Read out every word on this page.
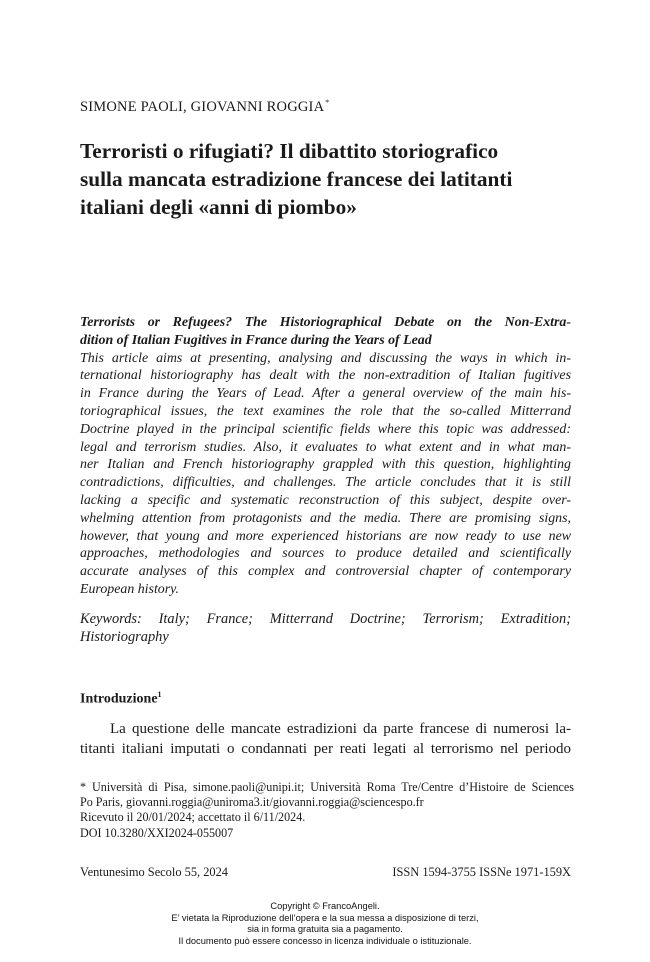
SIMONE PAOLI, GIOVANNI ROGGIA*
Terroristi o rifugiati? Il dibattito storiografico
sulla mancata estradizione francese dei latitanti
italiani degli «anni di piombo»
Terrorists or Refugees? The Historiographical Debate on the Non-Extra-
dition of Italian Fugitives in France during the Years of Lead
This article aims at presenting, analysing and discussing the ways in which in-
ternational historiography has dealt with the non-extradition of Italian fugitives
in France during the Years of Lead. After a general overview of the main his-
toriographical issues, the text examines the role that the so-called Mitterrand
Doctrine played in the principal scientific fields where this topic was addressed:
legal and terrorism studies. Also, it evaluates to what extent and in what man-
ner Italian and French historiography grappled with this question, highlighting
contradictions, difficulties, and challenges. The article concludes that it is still
lacking a specific and systematic reconstruction of this subject, despite over-
whelming attention from protagonists and the media. There are promising signs,
however, that young and more experienced historians are now ready to use new
approaches, methodologies and sources to produce detailed and scientifically
accurate analyses of this complex and controversial chapter of contemporary
European history.
Keywords: Italy; France; Mitterrand Doctrine; Terrorism; Extradition;
Historiography
Introduzione$^1$
La questione delle mancate estradizioni da parte francese di numerosi la-
titanti italiani imputati o condannati per reati legati al terrorismo nel periodo
* Università di Pisa, simone.paoli@unipi.it; Università Roma Tre/Centre d’Histoire de Sciences
Po Paris, giovanni.roggia@uniroma3.it/giovanni.roggia@sciencespo.fr
Ricevuto il 20/01/2024; accettato il 6/11/2024.
DOI 10.3280/XXI2024-055007
Ventunesimo Secolo 55, 2024	ISSN 1594-3755 ISSNe 1971-159X
Copyright © FrancoAngeli.
E’ vietata la Riproduzione dell’opera e la sua messa a disposizione di terzi,
sia in forma gratuita sia a pagamento.
Il documento può essere concesso in licenza individuale o istituzionale.
